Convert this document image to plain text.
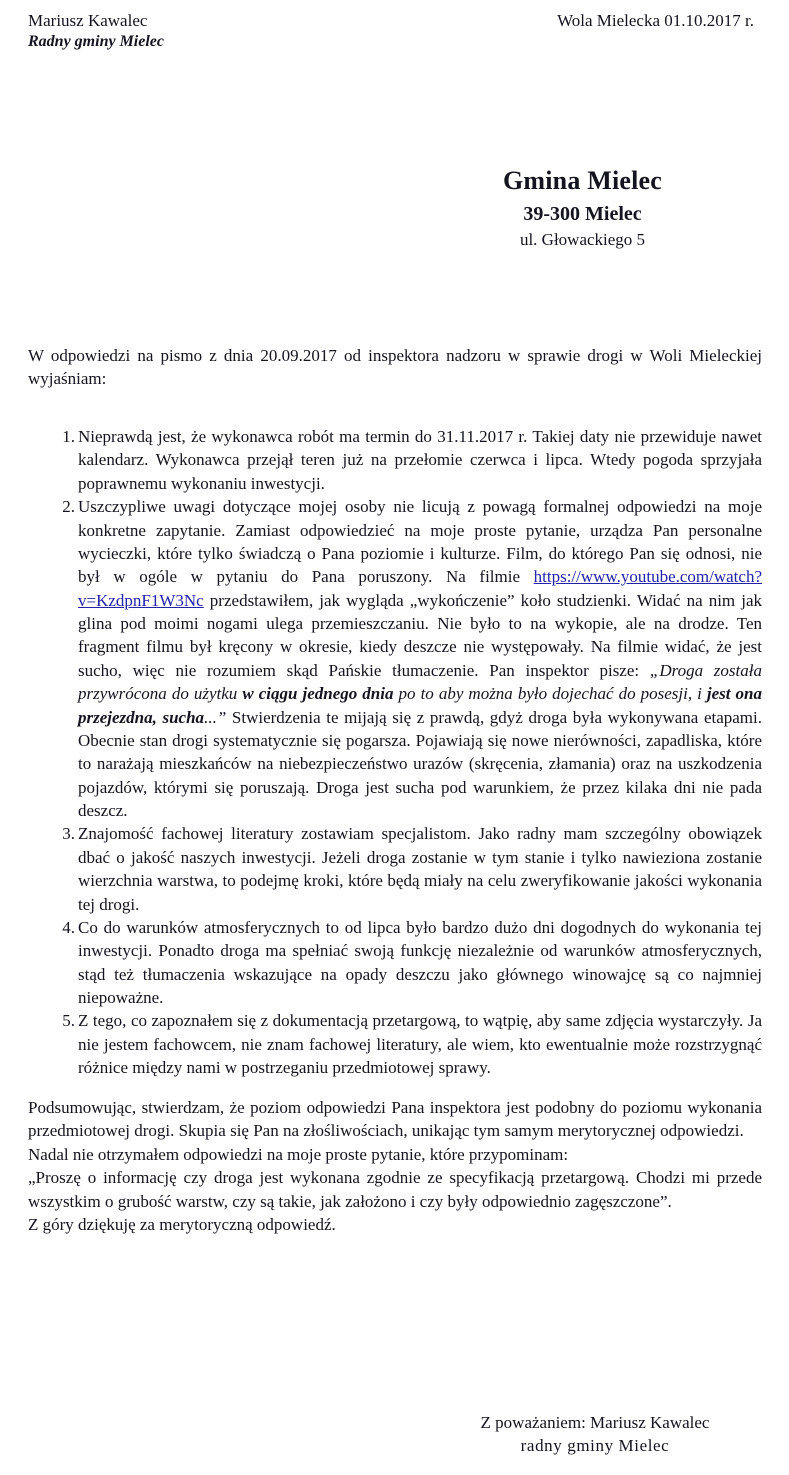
Mariusz Kawalec
Radny gminy Mielec
Wola Mielecka 01.10.2017 r.
Gmina Mielec
39-300 Mielec
ul. Głowackiego 5
W odpowiedzi na pismo z dnia 20.09.2017 od inspektora nadzoru w sprawie drogi w Woli Mieleckiej wyjaśniam:
1. Nieprawdą jest, że wykonawca robót ma termin do 31.11.2017 r. Takiej daty nie przewiduje nawet kalendarz. Wykonawca przejął teren już na przełomie czerwca i lipca. Wtedy pogoda sprzyjała poprawnemu wykonaniu inwestycji.
2. Uszczypliwe uwagi dotyczące mojej osoby nie licują z powagą formalnej odpowiedzi na moje konkretne zapytanie. Zamiast odpowiedzieć na moje proste pytanie, urządza Pan personalne wycieczki, które tylko świadczą o Pana poziomie i kulturze. Film, do którego Pan się odnosi, nie był w ogóle w pytaniu do Pana poruszony. Na filmie https://www.youtube.com/watch?v=KzdpnF1W3Nc przedstawiłem, jak wygląda „wykończenie” koło studzienki. Widać na nim jak glina pod moimi nogami ulega przemieszczaniu. Nie było to na wykopie, ale na drodze. Ten fragment filmu był kręcony w okresie, kiedy deszcze nie występowały. Na filmie widać, że jest sucho, więc nie rozumiem skąd Pańskie tłumaczenie. Pan inspektor pisze: „Droga została przywrócona do użytku w ciągu jednego dnia po to aby można było dojechać do posesji, i jest ona przejezdna, sucha...” Stwierdzenia te mijają się z prawdą, gdyż droga była wykonywana etapami. Obecnie stan drogi systematycznie się pogarsza. Pojawiają się nowe nierówności, zapadliska, które to narażają mieszkańców na niebezpieczeństwo urazów (skręcenia, złamania) oraz na uszkodzenia pojazdów, którymi się poruszają. Droga jest sucha pod warunkiem, że przez kilaka dni nie pada deszcz.
3. Znajomość fachowej literatury zostawiam specjalistom. Jako radny mam szczególny obowiązek dbać o jakość naszych inwestycji. Jeżeli droga zostanie w tym stanie i tylko nawieziona zostanie wierzchnia warstwa, to podejmę kroki, które będą miały na celu zweryfikowanie jakości wykonania tej drogi.
4. Co do warunków atmosferycznych to od lipca było bardzo dużo dni dogodnych do wykonania tej inwestycji. Ponadto droga ma spełniać swoją funkcję niezależnie od warunków atmosferycznych, stąd też tłumaczenia wskazujące na opady deszczu jako głównego winowajcę są co najmniej niepoważne.
5. Z tego, co zapoznałem się z dokumentacją przetargową, to wątpię, aby same zdjęcia wystarczyły. Ja nie jestem fachowcem, nie znam fachowej literatury, ale wiem, kto ewentualnie może rozstrzygnąć różnice między nami w postrzeganiu przedmiotowej sprawy.

Podsumowując, stwierdzam, że poziom odpowiedzi Pana inspektora jest podobny do poziomu wykonania przedmiotowej drogi. Skupia się Pan na złośliwościach, unikając tym samym merytorycznej odpowiedzi.

Nadal nie otrzymałem odpowiedzi na moje proste pytanie, które przypominam:

„Proszę o informację czy droga jest wykonana zgodnie ze specyfikacją przetargową. Chodzi mi przede wszystkim o grubość warstw, czy są takie, jak założono i czy były odpowiednio zagęszczone”.

Z góry dziękuję za merytoryczną odpowiedź.

Z poważaniem: Mariusz Kawalec
radny gminy Mielec
